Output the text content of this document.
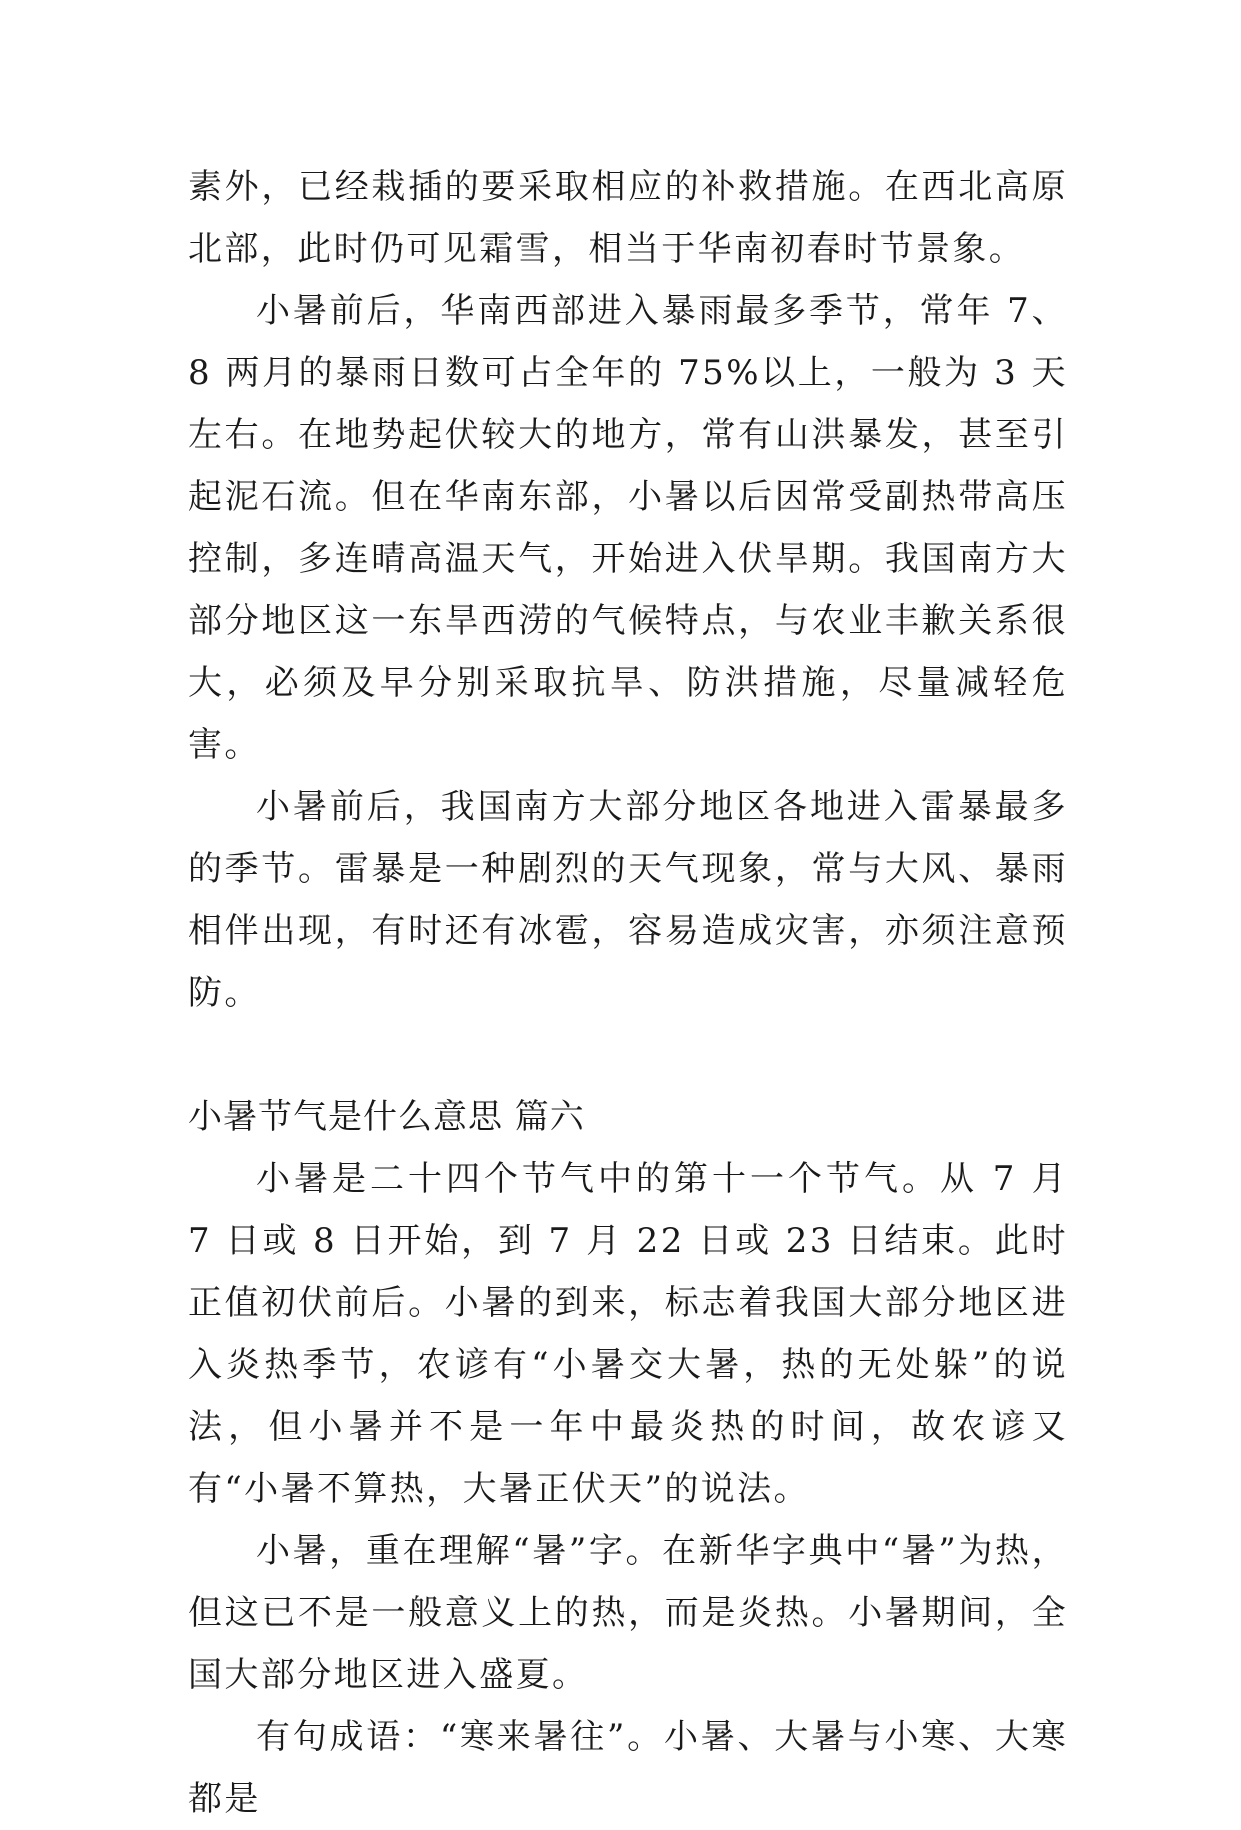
素外，已经栽插的要采取相应的补救措施。在西北高原北部，此时仍可见霜雪，相当于华南初春时节景象。

小暑前后，华南西部进入暴雨最多季节，常年 7、8 两月的暴雨日数可占全年的 75%以上，一般为 3 天左右。在地势起伏较大的地方，常有山洪暴发，甚至引起泥石流。但在华南东部，小暑以后因常受副热带高压控制，多连晴高温天气，开始进入伏旱期。我国南方大部分地区这一东旱西涝的气候特点，与农业丰歉关系很大，必须及早分别采取抗旱、防洪措施，尽量减轻危害。

小暑前后，我国南方大部分地区各地进入雷暴最多的季节。雷暴是一种剧烈的天气现象，常与大风、暴雨相伴出现，有时还有冰雹，容易造成灾害，亦须注意预防。

小暑节气是什么意思 篇六

小暑是二十四个节气中的第十一个节气。从 7 月 7 日或 8 日开始，到 7 月 22 日或 23 日结束。此时正值初伏前后。小暑的到来，标志着我国大部分地区进入炎热季节，农谚有“小暑交大暑，热的无处躲”的说法，但小暑并不是一年中最炎热的时间，故农谚又有“小暑不算热，大暑正伏天”的说法。

小暑，重在理解“暑”字。在新华字典中“暑”为热，但这已不是一般意义上的热，而是炎热。小暑期间，全国大部分地区进入盛夏。

有句成语：“寒来暑往”。小暑、大暑与小寒、大寒都是
